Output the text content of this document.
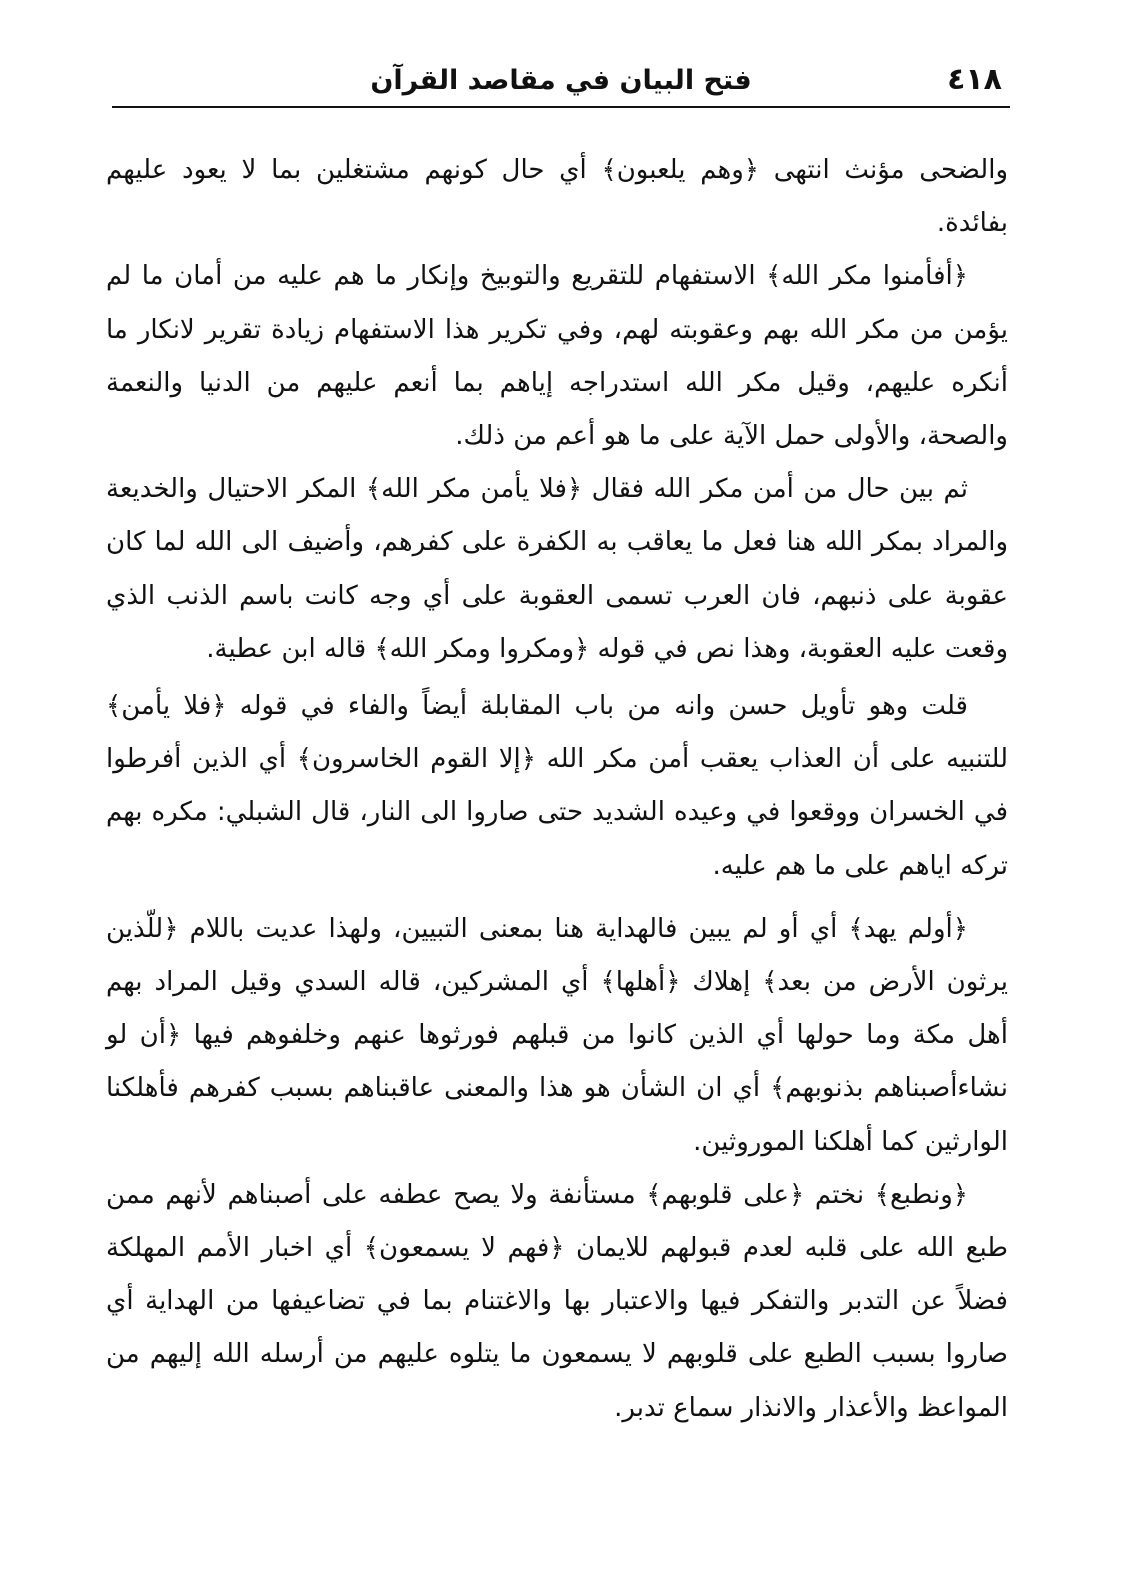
٤١٨
فتح البيان في مقاصد القرآن

والضحى مؤنث انتهى ﴿وهم يلعبون﴾ أي حال كونهم مشتغلين بما لا يعود عليهم بفائدة.

﴿أفأمنوا مكر الله﴾ الاستفهام للتقريع والتوبيخ وإنكار ما هم عليه من أمان ما لم يؤمن من مكر الله بهم وعقوبته لهم، وفي تكرير هذا الاستفهام زيادة تقرير لانكار ما أنكره عليهم، وقيل مكر الله استدراجه إياهم بما أنعم عليهم من الدنيا والنعمة والصحة، والأولى حمل الآية على ما هو أعم من ذلك.

ثم بين حال من أمن مكر الله فقال ﴿فلا يأمن مكر الله﴾ المكر الاحتيال والخديعة والمراد بمكر الله هنا فعل ما يعاقب به الكفرة على كفرهم، وأضيف الى الله لما كان عقوبة على ذنبهم، فان العرب تسمى العقوبة على أي وجه كانت باسم الذنب الذي وقعت عليه العقوبة، وهذا نص في قوله ﴿ومكروا ومكر الله﴾ قاله ابن عطية.

قلت وهو تأويل حسن وانه من باب المقابلة أيضاً والفاء في قوله ﴿فلا يأمن﴾ للتنبيه على أن العذاب يعقب أمن مكر الله ﴿إلا القوم الخاسرون﴾ أي الذين أفرطوا في الخسران ووقعوا في وعيده الشديد حتى صاروا الى النار، قال الشبلي: مكره بهم تركه اياهم على ما هم عليه.

﴿أولم يهد﴾ أي أو لم يبين فالهداية هنا بمعنى التبيين، ولهذا عديت باللام ﴿للّذين يرثون الأرض من بعد﴾ إهلاك ﴿أهلها﴾ أي المشركين، قاله السدي وقيل المراد بهم أهل مكة وما حولها أي الذين كانوا من قبلهم فورثوها عنهم وخلفوهم فيها ﴿أن لو نشاءأصبناهم بذنوبهم﴾ أي ان الشأن هو هذا والمعنى عاقبناهم بسبب كفرهم فأهلكنا الوارثين كما أهلكنا الموروثين.

﴿ونطبع﴾ نختم ﴿على قلوبهم﴾ مستأنفة ولا يصح عطفه على أصبناهم لأنهم ممن طبع الله على قلبه لعدم قبولهم للايمان ﴿فهم لا يسمعون﴾ أي اخبار الأمم المهلكة فضلاً عن التدبر والتفكر فيها والاعتبار بها والاغتنام بما في تضاعيفها من الهداية أي صاروا بسبب الطبع على قلوبهم لا يسمعون ما يتلوه عليهم من أرسله الله إليهم من المواعظ والأعذار والانذار سماع تدبر.
